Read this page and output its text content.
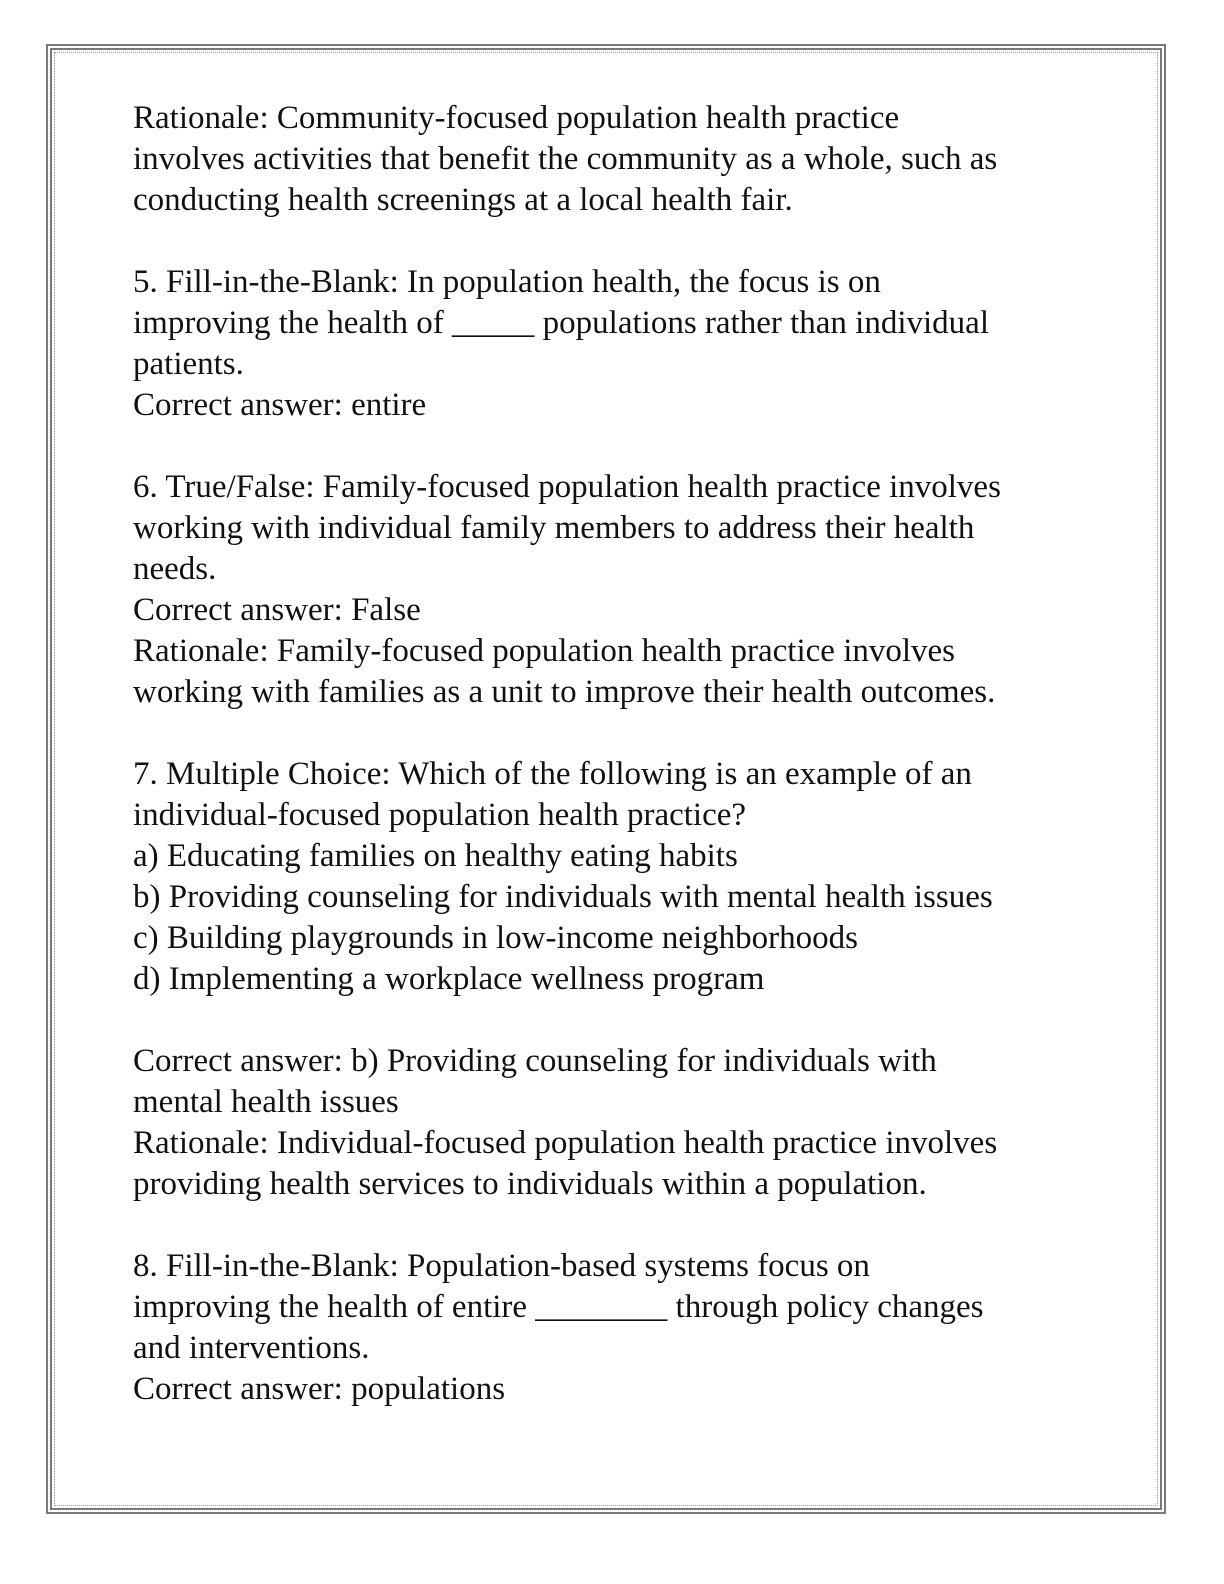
Rationale: Community-focused population health practice
involves activities that benefit the community as a whole, such as
conducting health screenings at a local health fair.
5. Fill-in-the-Blank: In population health, the focus is on
improving the health of _____ populations rather than individual
patients.
Correct answer: entire
6. True/False: Family-focused population health practice involves
working with individual family members to address their health
needs.
Correct answer: False
Rationale: Family-focused population health practice involves
working with families as a unit to improve their health outcomes.
7. Multiple Choice: Which of the following is an example of an
individual-focused population health practice?
a) Educating families on healthy eating habits
b) Providing counseling for individuals with mental health issues
c) Building playgrounds in low-income neighborhoods
d) Implementing a workplace wellness program
Correct answer: b) Providing counseling for individuals with
mental health issues
Rationale: Individual-focused population health practice involves
providing health services to individuals within a population.
8. Fill-in-the-Blank: Population-based systems focus on
improving the health of entire ________ through policy changes
and interventions.
Correct answer: populations
